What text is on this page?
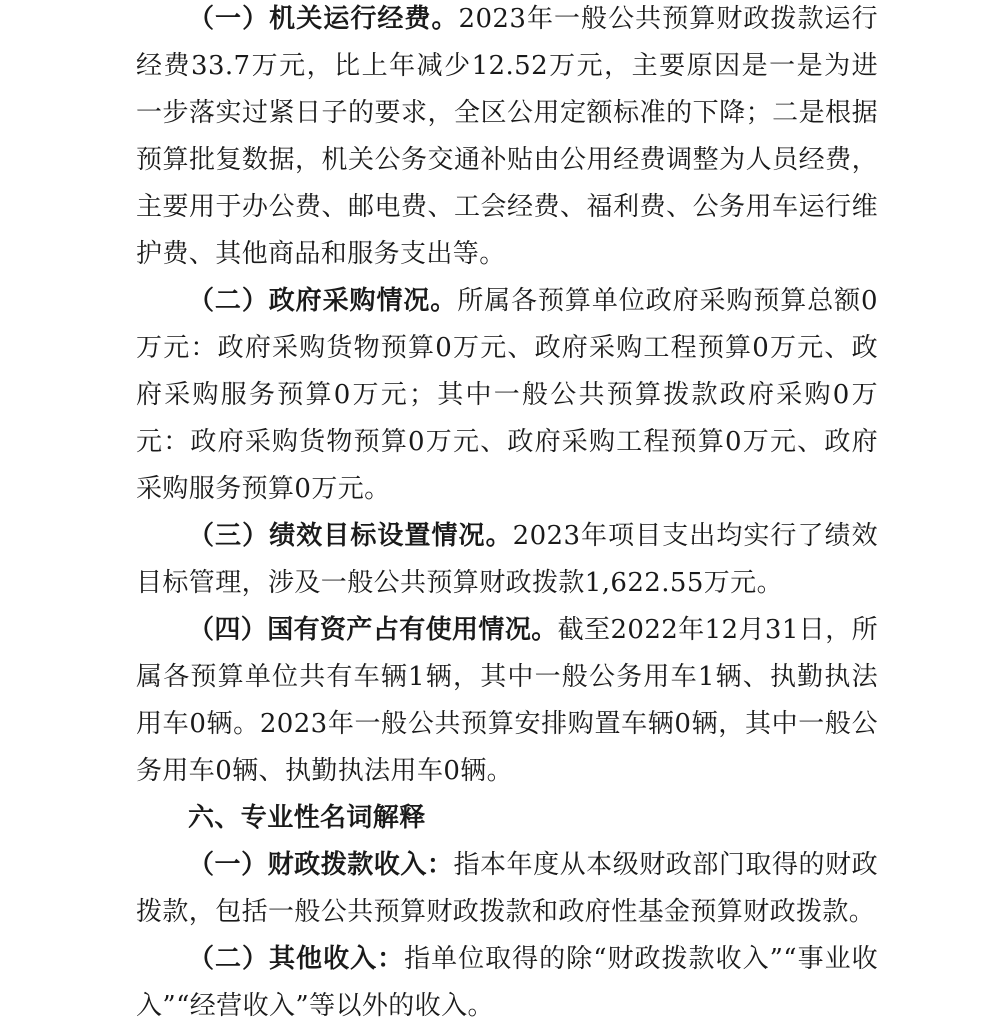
（一）机关运行经费。2023年一般公共预算财政拨款运行经费33.7万元，比上年减少12.52万元，主要原因是一是为进一步落实过紧日子的要求，全区公用定额标准的下降；二是根据预算批复数据，机关公务交通补贴由公用经费调整为人员经费，主要用于办公费、邮电费、工会经费、福利费、公务用车运行维护费、其他商品和服务支出等。

（二）政府采购情况。所属各预算单位政府采购预算总额0万元：政府采购货物预算0万元、政府采购工程预算0万元、政府采购服务预算0万元；其中一般公共预算拨款政府采购0万元：政府采购货物预算0万元、政府采购工程预算0万元、政府采购服务预算0万元。

（三）绩效目标设置情况。2023年项目支出均实行了绩效目标管理，涉及一般公共预算财政拨款1,622.55万元。

（四）国有资产占有使用情况。截至2022年12月31日，所属各预算单位共有车辆1辆，其中一般公务用车1辆、执勤执法用车0辆。2023年一般公共预算安排购置车辆0辆，其中一般公务用车0辆、执勤执法用车0辆。

六、专业性名词解释

（一）财政拨款收入：指本年度从本级财政部门取得的财政拨款，包括一般公共预算财政拨款和政府性基金预算财政拨款。

（二）其他收入：指单位取得的除“财政拨款收入”“事业收入”“经营收入”等以外的收入。
